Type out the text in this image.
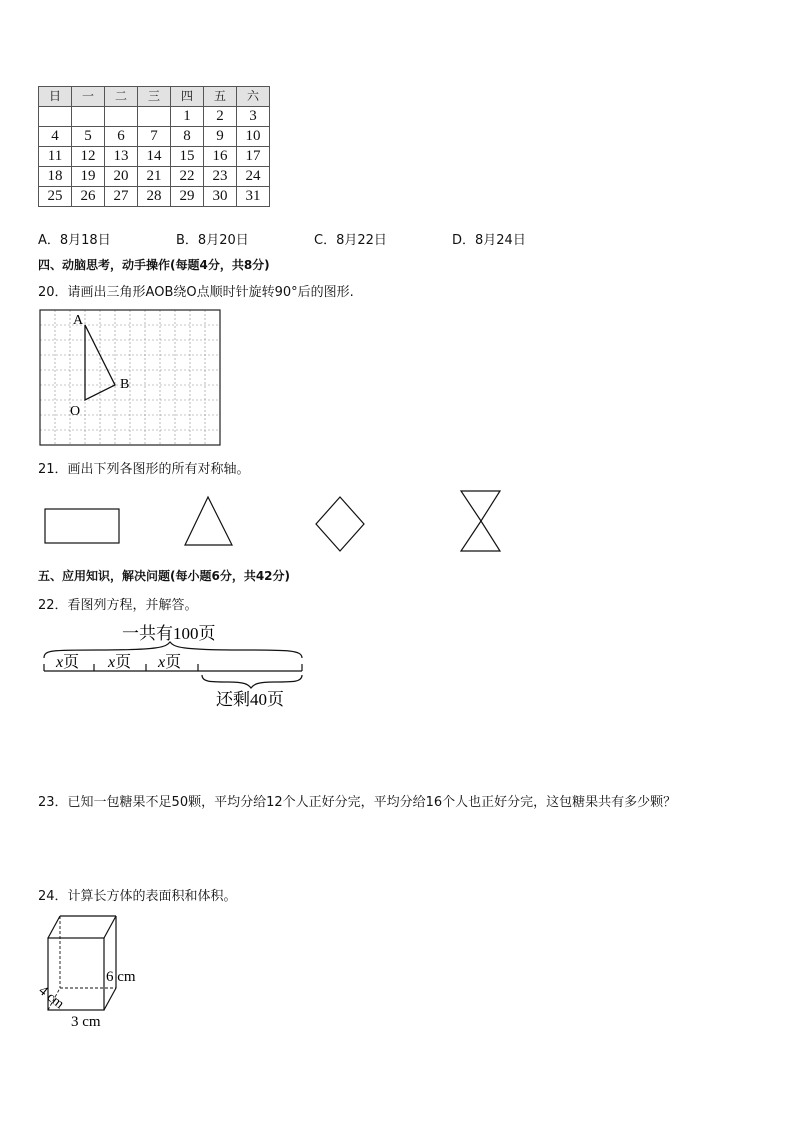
日	一	二	三	四	五	六
				1	2	3
4	5	6	7	8	9	10
11	12	13	14	15	16	17
18	19	20	21	22	23	24
25	26	27	28	29	30	31
A．8月18日	B．8月20日	C．8月22日	D．8月24日
四、动脑思考，动手操作(每题4分，共8分)
20．请画出三角形AOB绕O点顺时针旋转90°后的图形.
A
B
O
21．画出下列各图形的所有对称轴。
五、应用知识，解决问题(每小题6分，共42分)
22．看图列方程，并解答。
一共有100页
x页 x页 x页
还剩40页
23．已知一包糖果不足50颗，平均分给12个人正好分完，平均分给16个人也正好分完，这包糖果共有多少颗？
24．计算长方体的表面积和体积。
6 cm
3 cm
4 cm
